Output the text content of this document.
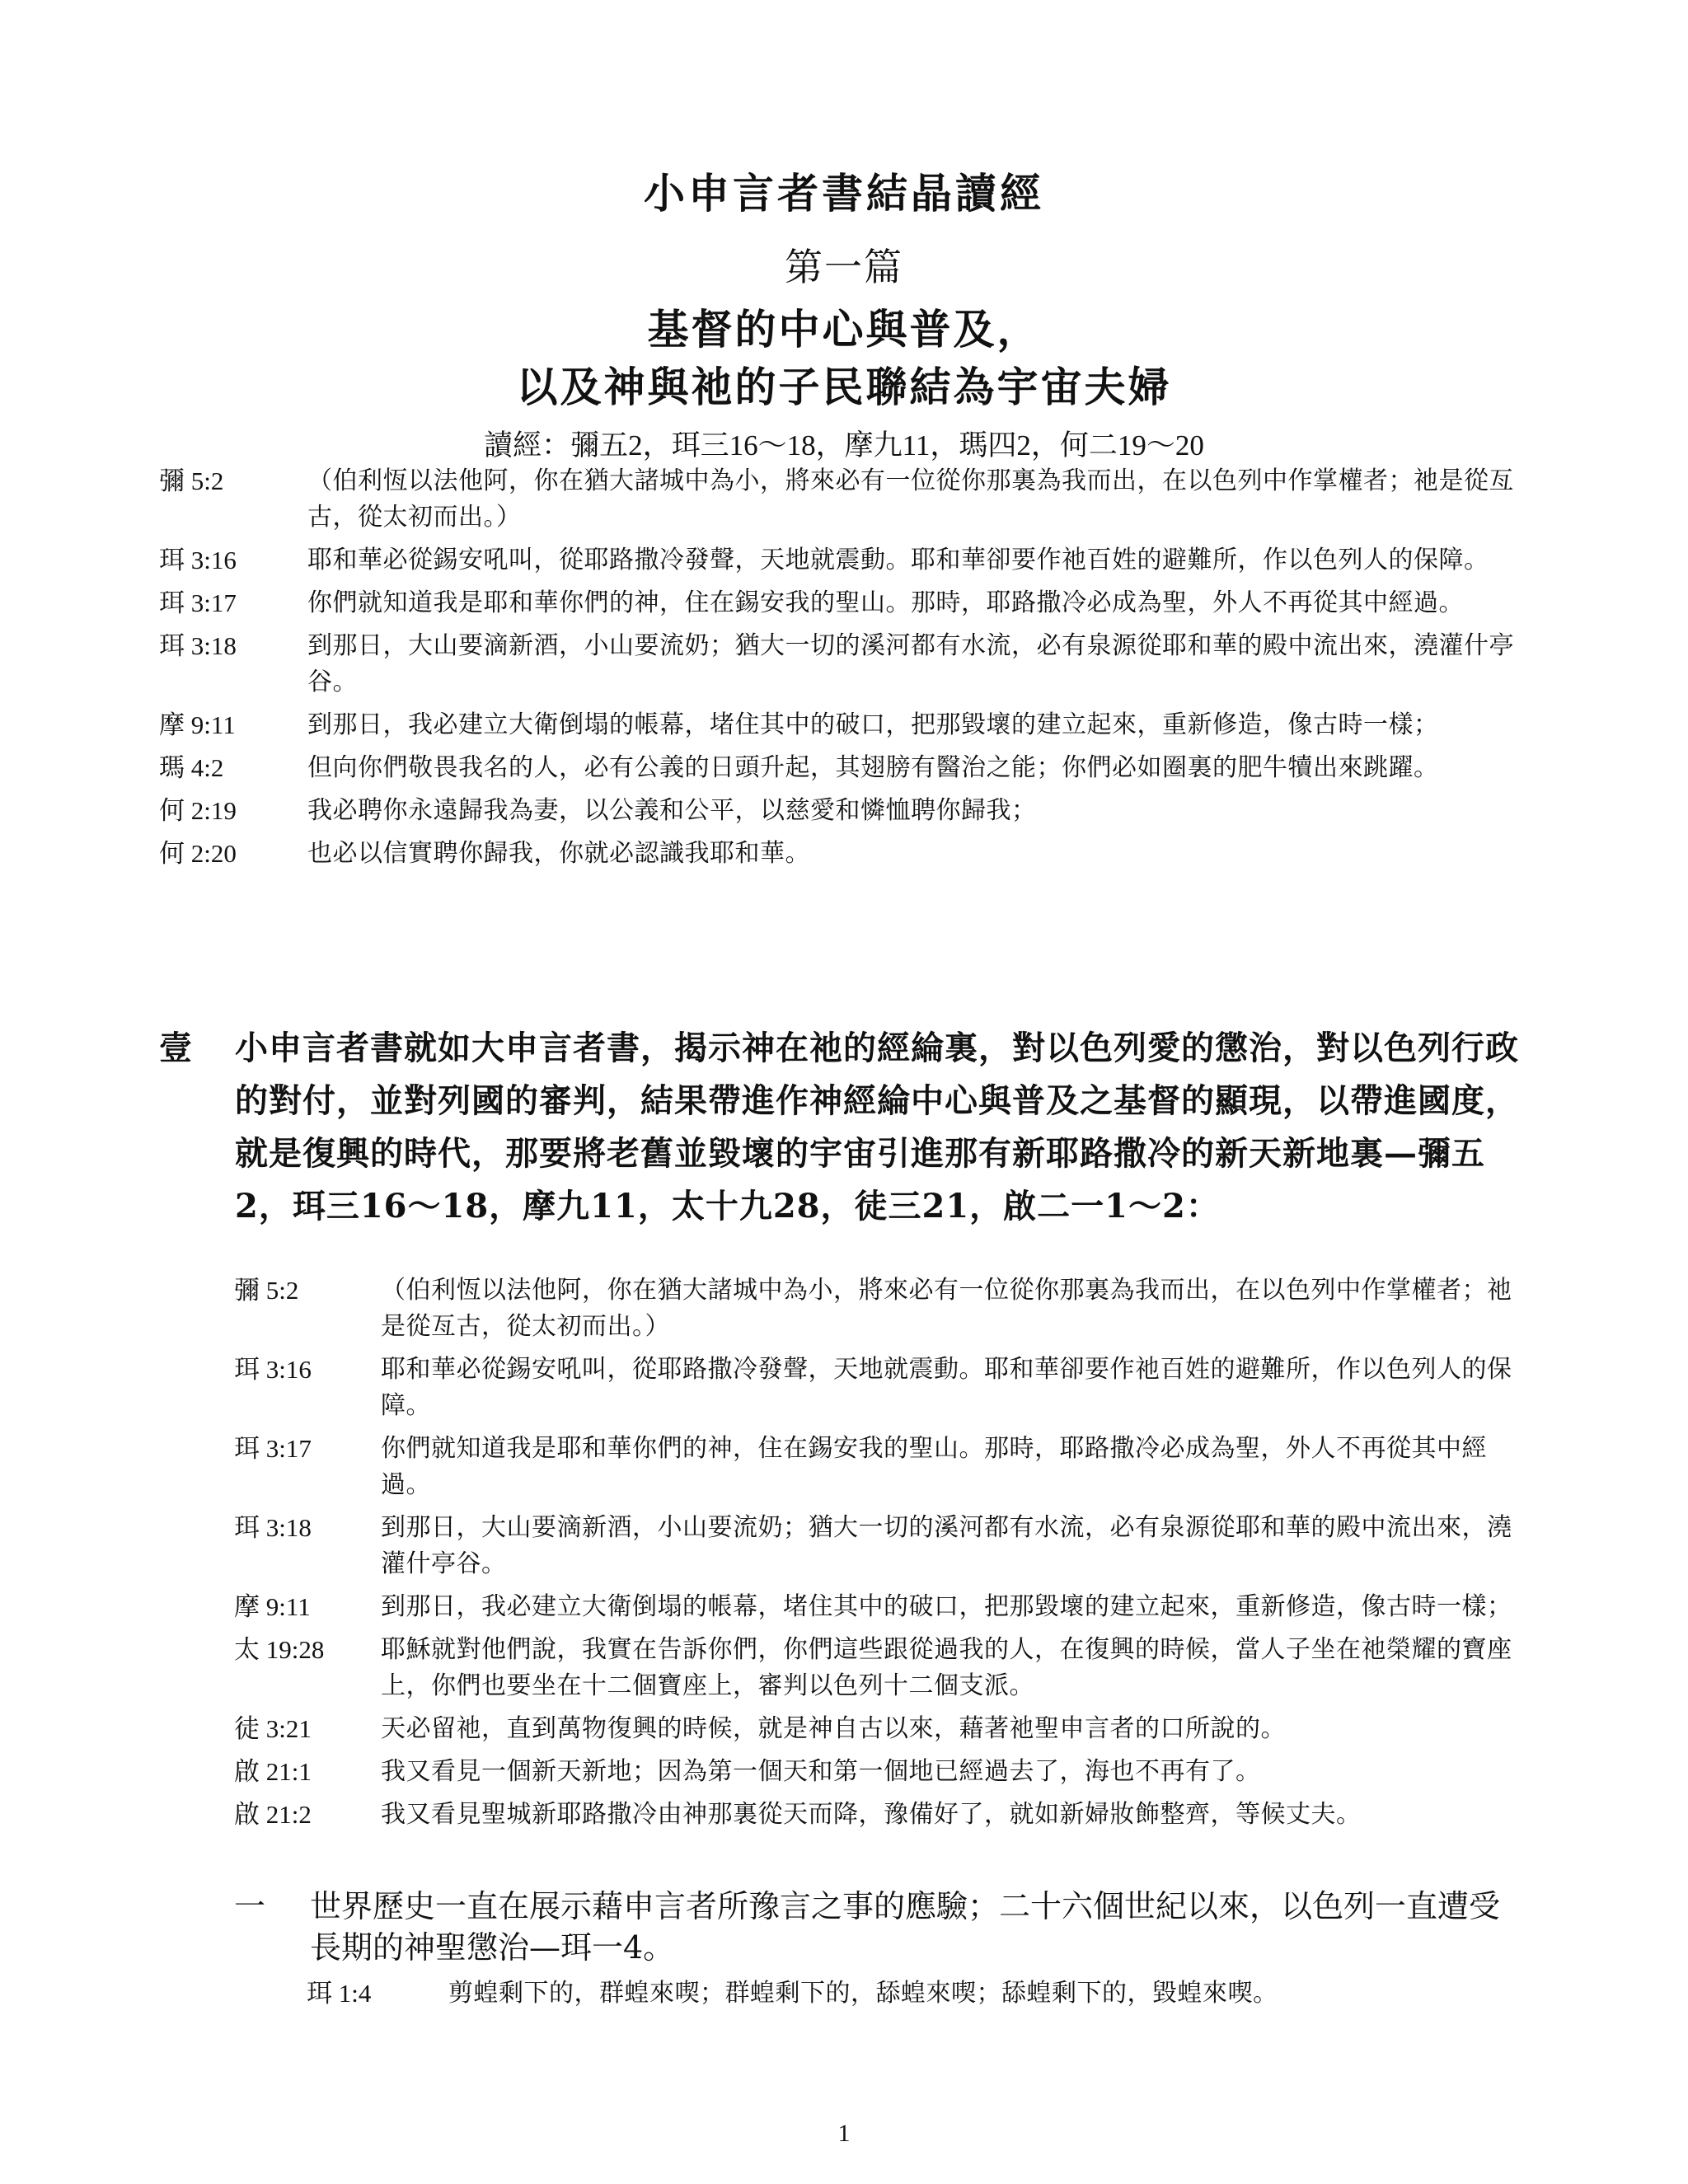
小申言者書結晶讀經
第一篇
基督的中心與普及，
以及神與祂的子民聯結為宇宙夫婦
讀經：彌五2，珥三16～18，摩九11，瑪四2，何二19～20
彌 5:2	（伯利恆以法他阿，你在猶大諸城中為小，將來必有一位從你那裏為我而出，在以色列中作掌權者；祂是從亙古，從太初而出。）
珥 3:16	耶和華必從錫安吼叫，從耶路撒冷發聲，天地就震動。耶和華卻要作祂百姓的避難所，作以色列人的保障。
珥 3:17	你們就知道我是耶和華你們的神，住在錫安我的聖山。那時，耶路撒冷必成為聖，外人不再從其中經過。
珥 3:18	到那日，大山要滴新酒，小山要流奶；猶大一切的溪河都有水流，必有泉源從耶和華的殿中流出來，澆灌什亭谷。
摩 9:11	到那日，我必建立大衛倒塌的帳幕，堵住其中的破口，把那毀壞的建立起來，重新修造，像古時一樣；
瑪 4:2	但向你們敬畏我名的人，必有公義的日頭升起，其翅膀有醫治之能；你們必如圈裏的肥牛犢出來跳躍。
何 2:19	我必聘你永遠歸我為妻，以公義和公平，以慈愛和憐恤聘你歸我；
何 2:20	也必以信實聘你歸我，你就必認識我耶和華。
壹 小申言者書就如大申言者書，揭示神在祂的經綸裏，對以色列愛的懲治，對以色列行政的對付，並對列國的審判，結果帶進作神經綸中心與普及之基督的顯現，以帶進國度，就是復興的時代，那要將老舊並毀壞的宇宙引進那有新耶路撒冷的新天新地裏—彌五2，珥三16～18，摩九11，太十九28，徒三21，啟二一1～2：
彌 5:2	（伯利恆以法他阿，你在猶大諸城中為小，將來必有一位從你那裏為我而出，在以色列中作掌權者；祂是從亙古，從太初而出。）
珥 3:16	耶和華必從錫安吼叫，從耶路撒冷發聲，天地就震動。耶和華卻要作祂百姓的避難所，作以色列人的保障。
珥 3:17	你們就知道我是耶和華你們的神，住在錫安我的聖山。那時，耶路撒冷必成為聖，外人不再從其中經過。
珥 3:18	到那日，大山要滴新酒，小山要流奶；猶大一切的溪河都有水流，必有泉源從耶和華的殿中流出來，澆灌什亭谷。
摩 9:11	到那日，我必建立大衛倒塌的帳幕，堵住其中的破口，把那毀壞的建立起來，重新修造，像古時一樣；
太 19:28 耶穌就對他們說，我實在告訴你們，你們這些跟從過我的人，在復興的時候，當人子坐在祂榮耀的寶座上，你們也要坐在十二個寶座上，審判以色列十二個支派。
徒 3:21	天必留祂，直到萬物復興的時候，就是神自古以來，藉著祂聖申言者的口所說的。
啟 21:1	我又看見一個新天新地；因為第一個天和第一個地已經過去了，海也不再有了。
啟 21:2	我又看見聖城新耶路撒冷由神那裏從天而降，豫備好了，就如新婦妝飾整齊，等候丈夫。
一 世界歷史一直在展示藉申言者所豫言之事的應驗；二十六個世紀以來，以色列一直遭受長期的神聖懲治—珥一4。
珥 1:4	剪蝗剩下的，群蝗來喫；群蝗剩下的，舔蝗來喫；舔蝗剩下的，毀蝗來喫。
1
